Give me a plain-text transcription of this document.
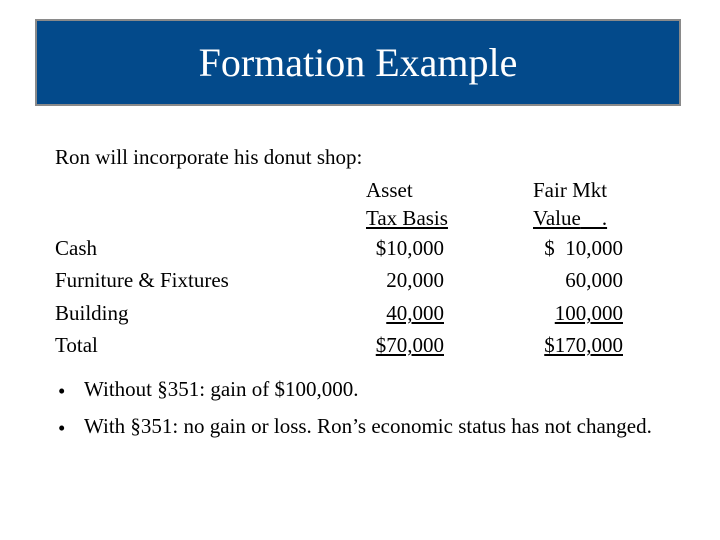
Formation Example
Ron will incorporate his donut shop:
Asset
Tax Basis
Fair Mkt
Value    .
Cash
Furniture & Fixtures
Building
Total
$10,000
20,000
40,000
$70,000
$  10,000
60,000
100,000
$170,000
• Without §351: gain of $100,000.
• With §351: no gain or loss. Ron’s economic status has not changed.
